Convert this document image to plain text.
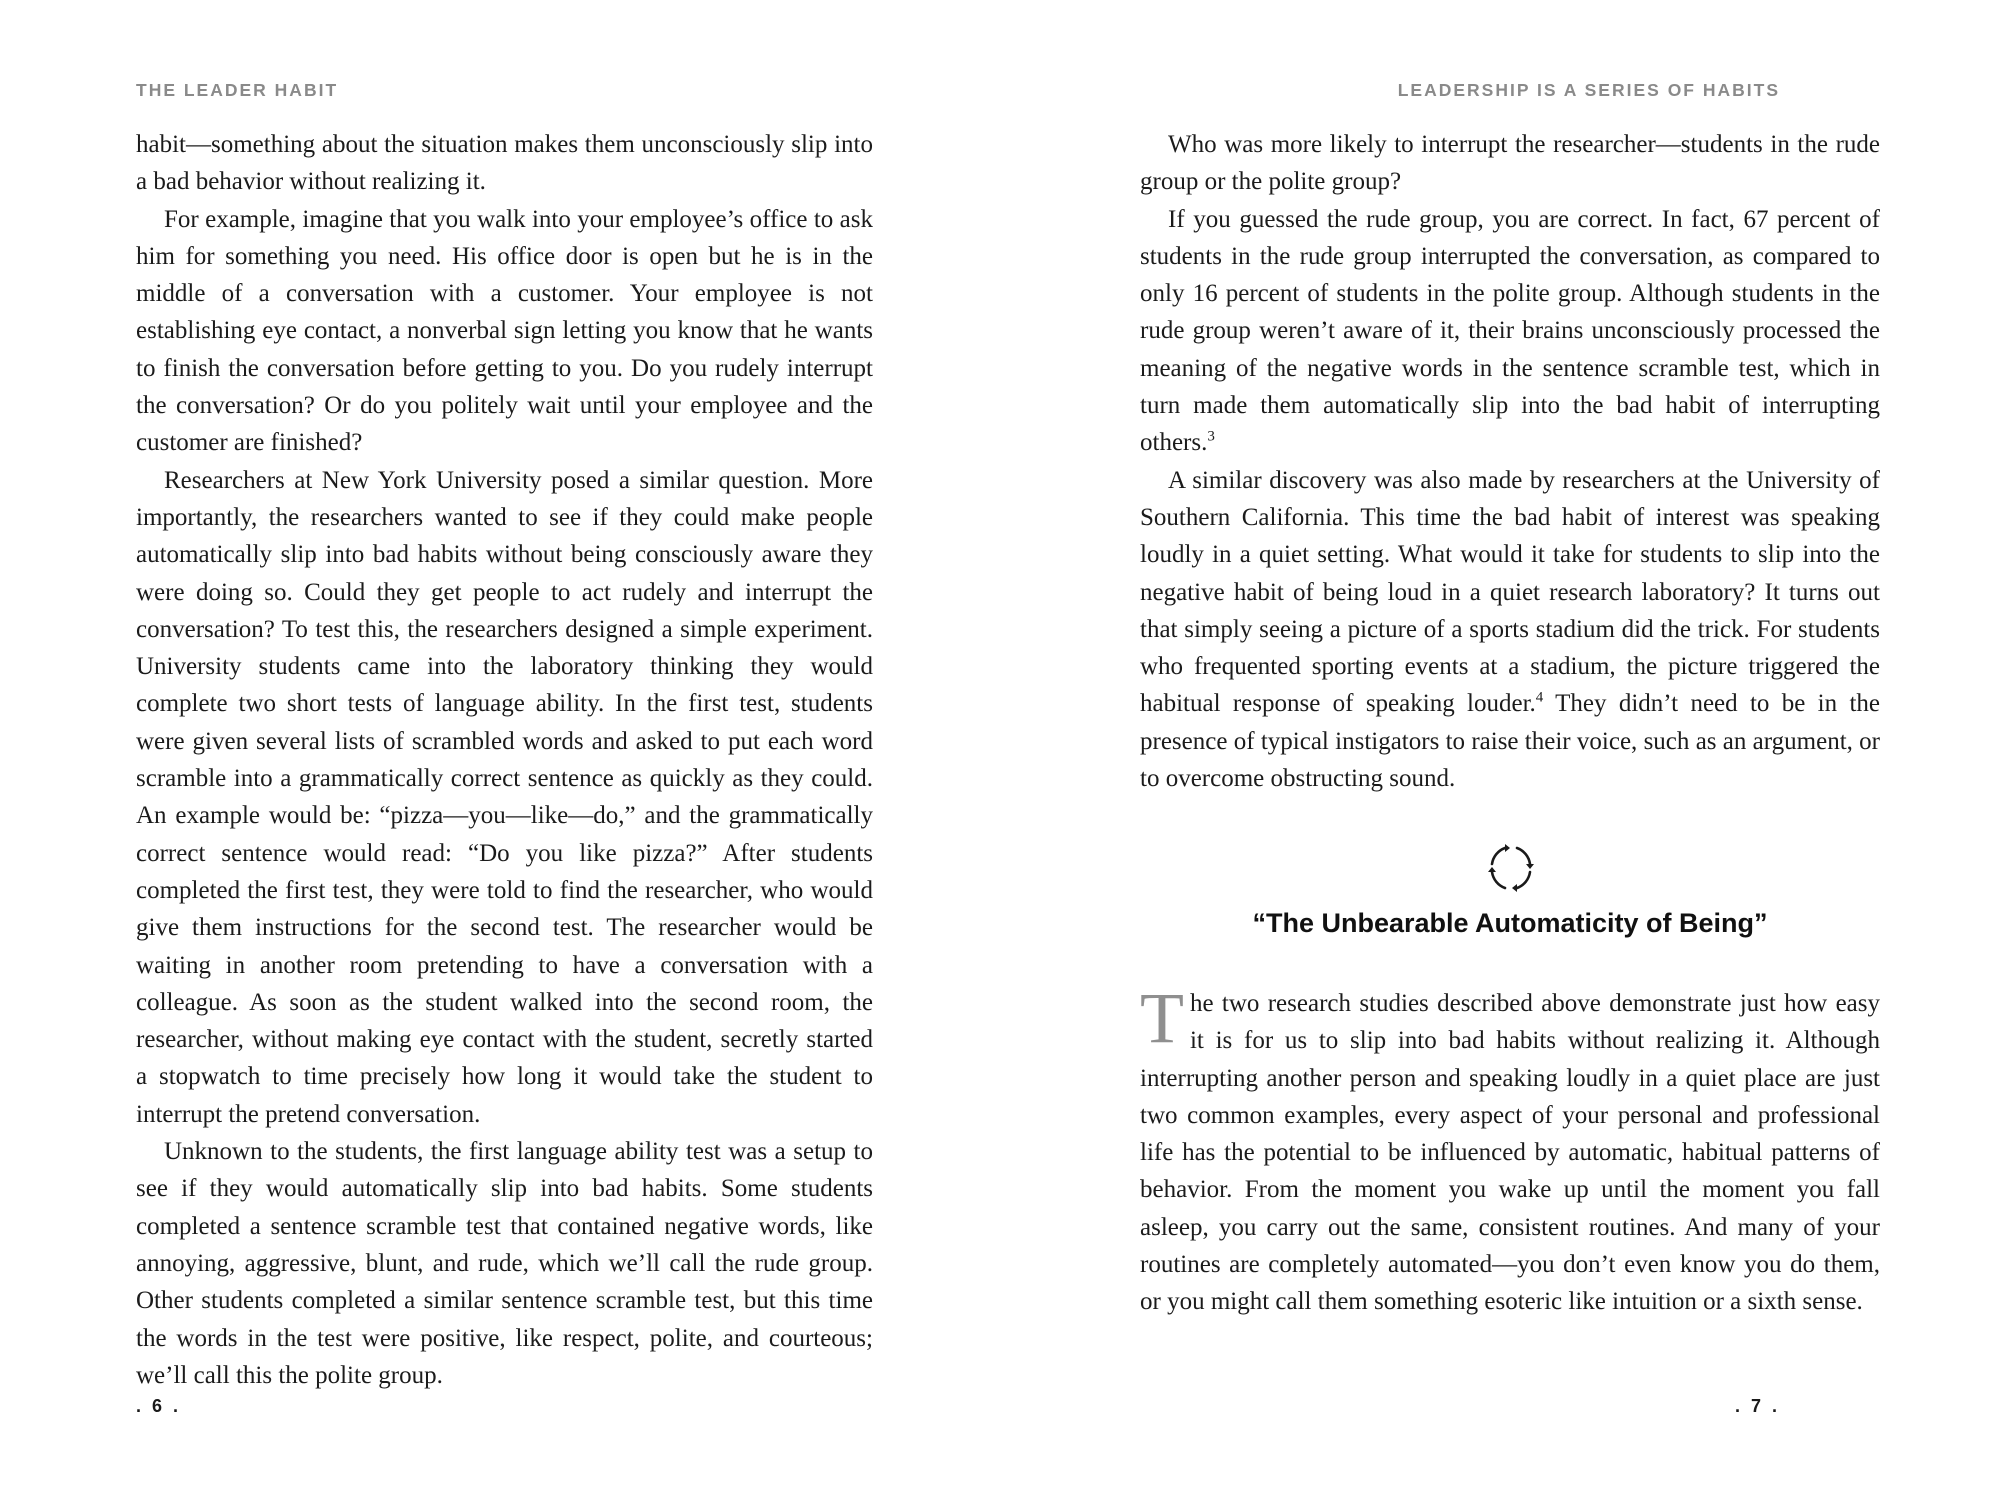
THE LEADER HABIT

habit—something about the situation makes them unconsciously slip into a bad behavior without realizing it.

For example, imagine that you walk into your employee’s office to ask him for something you need. His office door is open but he is in the middle of a conversation with a customer. Your employee is not establishing eye contact, a nonverbal sign letting you know that he wants to finish the conversation before getting to you. Do you rudely interrupt the conversation? Or do you politely wait until your employee and the customer are finished?

Researchers at New York University posed a similar question. More importantly, the researchers wanted to see if they could make people automatically slip into bad habits without being consciously aware they were doing so. Could they get people to act rudely and interrupt the conversation? To test this, the researchers designed a simple experiment. University students came into the laboratory thinking they would complete two short tests of language ability. In the first test, students were given several lists of scrambled words and asked to put each word scramble into a grammatically correct sentence as quickly as they could. An example would be: “pizza—you—like—do,” and the grammatically correct sentence would read: “Do you like pizza?” After students completed the first test, they were told to find the researcher, who would give them instructions for the second test. The researcher would be waiting in another room pretending to have a conversation with a colleague. As soon as the student walked into the second room, the researcher, without making eye contact with the student, secretly started a stopwatch to time precisely how long it would take the student to interrupt the pretend conversation.

Unknown to the students, the first language ability test was a setup to see if they would automatically slip into bad habits. Some students completed a sentence scramble test that contained negative words, like annoying, aggressive, blunt, and rude, which we’ll call the rude group. Other students completed a similar sentence scramble test, but this time the words in the test were positive, like respect, polite, and courteous; we’ll call this the polite group.

. 6 .
LEADERSHIP IS A SERIES OF HABITS

Who was more likely to interrupt the researcher—students in the rude group or the polite group?

If you guessed the rude group, you are correct. In fact, 67 percent of students in the rude group interrupted the conversation, as compared to only 16 percent of students in the polite group. Although students in the rude group weren’t aware of it, their brains unconsciously processed the meaning of the negative words in the sentence scramble test, which in turn made them automatically slip into the bad habit of interrupting others.$^3$

A similar discovery was also made by researchers at the University of Southern California. This time the bad habit of interest was speaking loudly in a quiet setting. What would it take for students to slip into the negative habit of being loud in a quiet research laboratory? It turns out that simply seeing a picture of a sports stadium did the trick. For students who frequented sporting events at a stadium, the picture triggered the habitual response of speaking louder.$^4$ They didn’t need to be in the presence of typical instigators to raise their voice, such as an argument, or to overcome obstructing sound.

“The Unbearable Automaticity of Being”

The two research studies described above demonstrate just how easy it is for us to slip into bad habits without realizing it. Although interrupting another person and speaking loudly in a quiet place are just two common examples, every aspect of your personal and professional life has the potential to be influenced by automatic, habitual patterns of behavior. From the moment you wake up until the moment you fall asleep, you carry out the same, consistent routines. And many of your routines are completely automated—you don’t even know you do them, or you might call them something esoteric like intuition or a sixth sense.

. 7 .
